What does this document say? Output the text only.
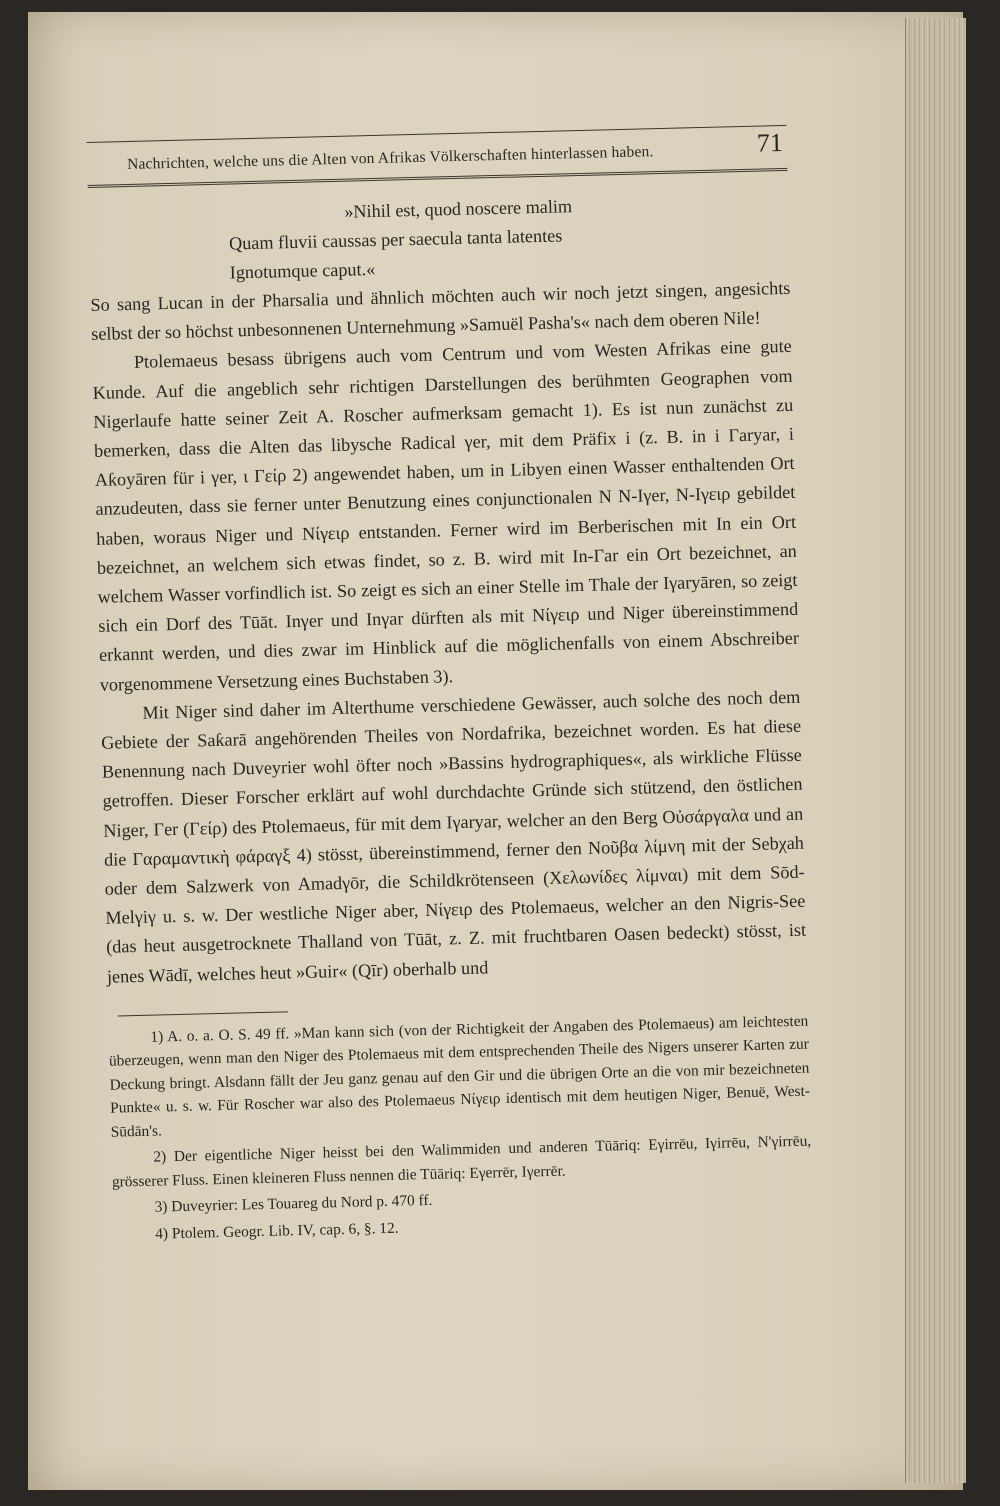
Nachrichten, welche uns die Alten von Afrikas Völkerschaften hinterlassen haben.
71
»Nihil est, quod noscere malim
Quam fluvii caussas per saecula tanta latentes
Ignotumque caput.«

So sang Lucan in der Pharsalia und ähnlich möchten auch wir noch jetzt singen, angesichts selbst der so höchst unbesonnenen Unternehmung »Samuël Pasha's« nach dem oberen Nile!

Ptolemaeus besass übrigens auch vom Centrum und vom Westen Afrikas eine gute Kunde. Auf die angeblich sehr richtigen Darstellungen des berühmten Geographen vom Nigerlaufe hatte seiner Zeit A. Roscher aufmerksam gemacht 1). Es ist nun zunächst zu bemerken, dass die Alten das libysche Radical γer, mit dem Präfix i (z. B. in i Γaryar, i Aƙoyāren für i γer, ι Γείρ 2) angewendet haben, um in Libyen einen Wasser enthaltenden Ort anzudeuten, dass sie ferner unter Benutzung eines conjunctionalen N N-Iγer, N-Ιγειρ gebildet haben, woraus Niger und Νίγειρ entstanden. Ferner wird im Berberischen mit In ein Ort bezeichnet, an welchem sich etwas findet, so z. B. wird mit In-Γar ein Ort bezeichnet, an welchem Wasser vorfindlich ist. So zeigt es sich an einer Stelle im Thale der Iγaryāren, so zeigt sich ein Dorf des Tūāt. Inγer und Inγar dürften als mit Νίγειρ und Niger übereinstimmend erkannt werden, und dies zwar im Hinblick auf die möglichenfalls von einem Abschreiber vorgenommene Versetzung eines Buchstaben 3).

Mit Niger sind daher im Alterthume verschiedene Gewässer, auch solche des noch dem Gebiete der Saƙarā angehörenden Theiles von Nordafrika, bezeichnet worden. Es hat diese Benennung nach Duveyrier wohl öfter noch »Bassins hydrographiques«, als wirkliche Flüsse getroffen. Dieser Forscher erklärt auf wohl durchdachte Gründe sich stützend, den östlichen Niger, Γer (Γείρ) des Ptolemaeus, für mit dem Iγaryar, welcher an den Berg Οὐσάργαλα und an die Γαραμαντικὴ φάραγξ 4) stösst, übereinstimmend, ferner den Νοῦβα λίμνη mit der Sebχah oder dem Salzwerk von Amadγōr, die Schildkrötenseen (Χελωνίδες λίμναι) mit dem Sōd-Melγiγ u. s. w. Der westliche Niger aber, Νίγειρ des Ptolemaeus, welcher an den Nigris-See (das heut ausgetrocknete Thalland von Tūāt, z. Z. mit fruchtbaren Oasen bedeckt) stösst, ist jenes Wādī, welches heut »Guir« (Qīr) oberhalb und

1) A. o. a. O. S. 49 ff. »Man kann sich (von der Richtigkeit der Angaben des Ptolemaeus) am leichtesten überzeugen, wenn man den Niger des Ptolemaeus mit dem entsprechenden Theile des Nigers unserer Karten zur Deckung bringt. Alsdann fällt der Jeu ganz genau auf den Gir und die übrigen Orte an die von mir bezeichneten Punkte« u. s. w. Für Roscher war also des Ptolemaeus Νίγειρ identisch mit dem heutigen Niger, Benuë, West-Sūdān's.

2) Der eigentliche Niger heisst bei den Walimmiden und anderen Tūāriq: Eγirrēu, Iγirrēu, N'γirrēu, grösserer Fluss. Einen kleineren Fluss nennen die Tūāriq: Eγerrēr, Iγerrēr.

3) Duveyrier: Les Touareg du Nord p. 470 ff.

4) Ptolem. Geogr. Lib. IV, cap. 6, §. 12.
